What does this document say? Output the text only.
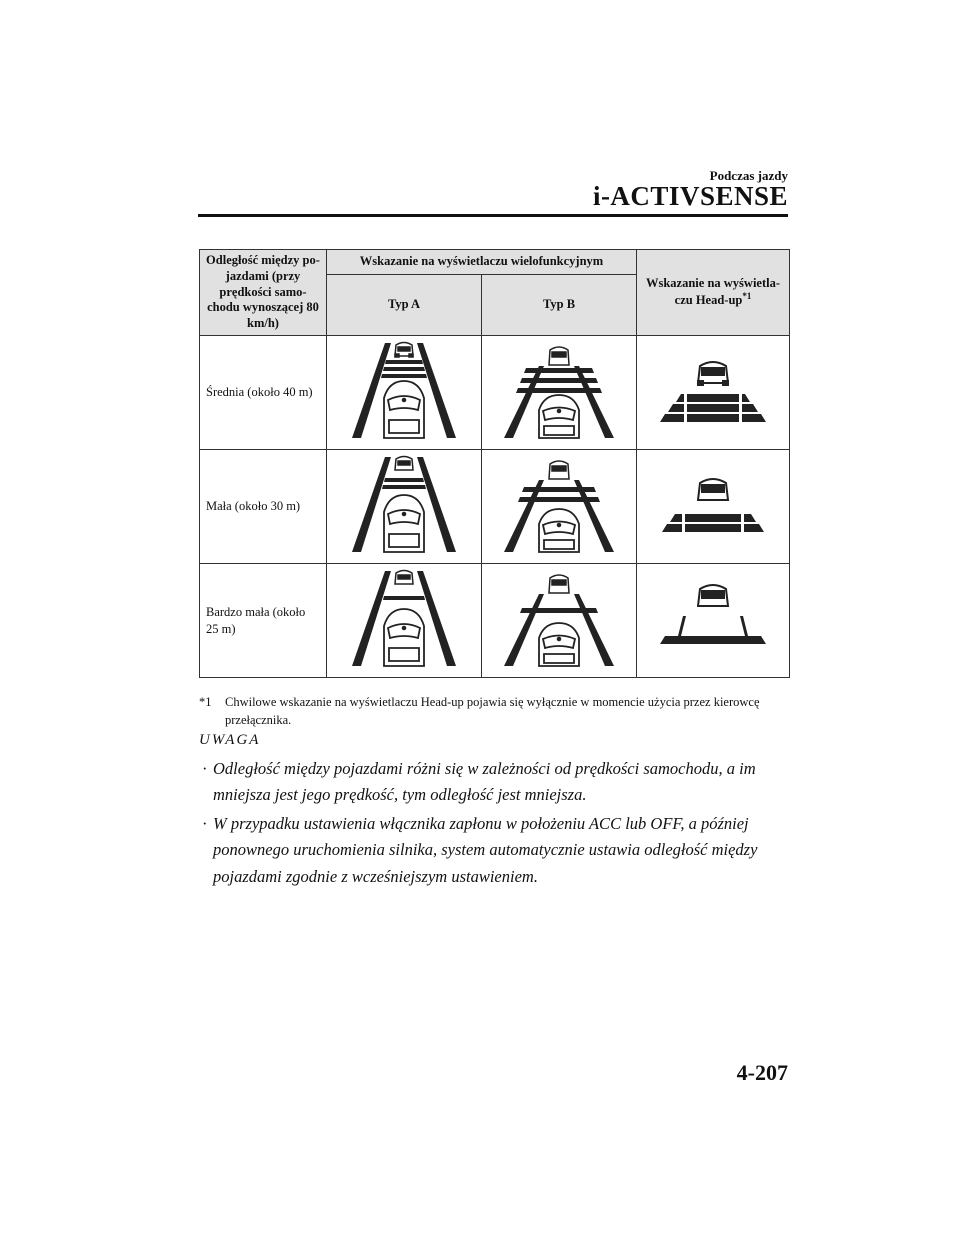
Podczas jazdy
i-ACTIVSENSE
Odległość między po-jazdami (przy prędkości samo-chodu wynoszącej 80 km/h)	Wskazanie na wyświetlaczu wielofunkcyjnym		Wskazanie na wyświetla-czu Head-$up^{*1}$
	Typ A	Typ B	
Średnia (około 40 m)			
Mała (około 30 m)			
Bardzo mała (około 25 m)			
*1 Chwilowe wskazanie na wyświetlaczu Head-up pojawia się wyłącznie w momencie użycia przez kierowcę przełącznika.
UWAGA
· Odległość między pojazdami różni się w zależności od prędkości samochodu, a im mniejsza jest jego prędkość, tym odległość jest mniejsza.
· W przypadku ustawienia włącznika zapłonu w położeniu ACC lub OFF, a później ponownego uruchomienia silnika, system automatycznie ustawia odległość między pojazdami zgodnie z wcześniejszym ustawieniem.
4-207
